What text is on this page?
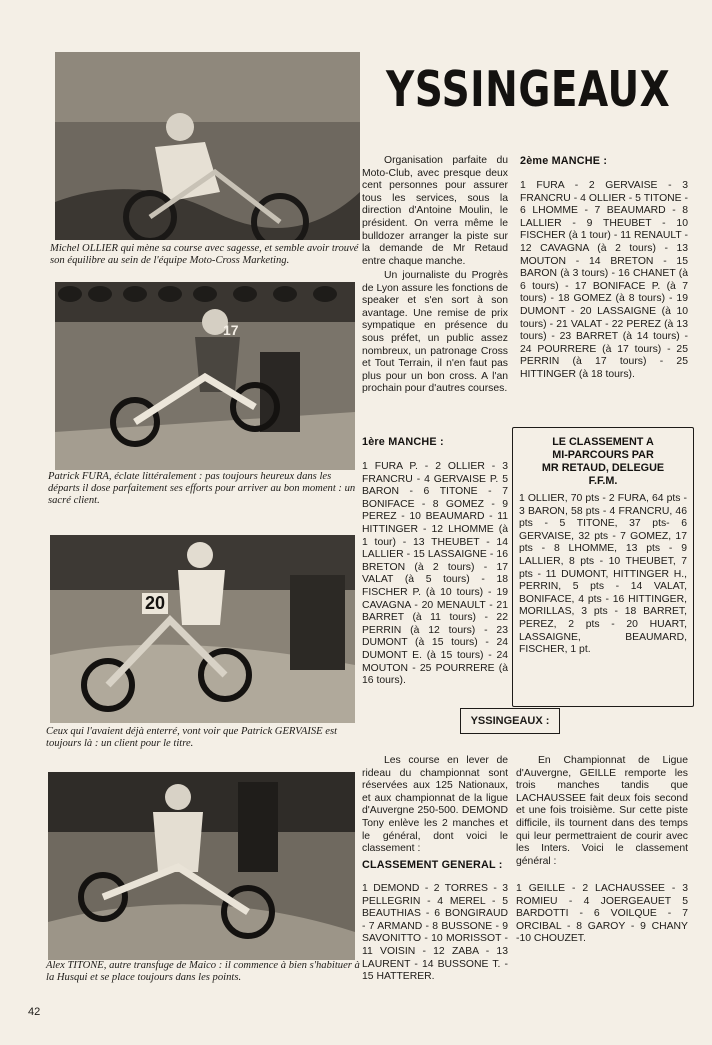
YSSINGEAUX
Michel OLLIER qui mène sa course avec sagesse, et semble avoir trouvé son équilibre au sein de l'équipe Moto-Cross Marketing.
17
Patrick FURA, éclate littéralement : pas toujours heureux dans les départs il dose parfaitement ses efforts pour arriver au bon moment : un sacré client.
20
Ceux qui l'avaient déjà enterré, vont voir que Patrick GERVAISE est toujours là : un client pour le titre.
Alex TITONE, autre transfuge de Maico : il commence à bien s'habituer à la Husqui et se place toujours dans les points.
Organisation parfaite du Moto-Club, avec presque deux cent personnes pour assurer tous les services, sous la direction d'Antoine Moulin, le président. On verra même le bulldozer arranger la piste sur la demande de Mr Retaud entre chaque manche.
Un journaliste du Progrès de Lyon assure les fonctions de speaker et s'en sort à son avantage. Une remise de prix sympatique en présence du sous préfet, un public assez nombreux, un patronage Cross et Tout Terrain, il n'en faut pas plus pour un bon cross. A l'an prochain pour d'autres courses.
1ère MANCHE :
1 FURA P. - 2 OLLIER - 3 FRANCRU - 4 GERVAISE P. 5 BARON - 6 TITONE - 7 BONIFACE - 8 GOMEZ - 9 PEREZ - 10 BEAUMARD - 11 HITTINGER - 12 LHOMME (à 1 tour) - 13 THEUBET - 14 LALLIER - 15 LASSAIGNE - 16 BRETON (à 2 tours) - 17 VALAT (à 5 tours) - 18 FISCHER P. (à 10 tours) - 19 CAVAGNA - 20 MENAULT - 21 BARRET (à 11 tours) - 22 PERRIN (à 12 tours) - 23 DUMONT (à 15 tours) - 24 DUMONT E. (à 15 tours) - 24 MOUTON - 25 POURRERE (à 16 tours).
2ème MANCHE :
1 FURA - 2 GERVAISE - 3 FRANCRU - 4 OLLIER - 5 TITONE - 6 LHOMME - 7 BEAUMARD - 8 LALLIER - 9 THEUBET - 10 FISCHER (à 1 tour) - 11 RENAULT - 12 CAVAGNA (à 2 tours) - 13 MOUTON - 14 BRETON - 15 BARON (à 3 tours) - 16 CHANET (à 6 tours) - 17 BONIFACE P. (à 7 tours) - 18 GOMEZ (à 8 tours) - 19 DUMONT - 20 LASSAIGNE (à 10 tours) - 21 VALAT - 22 PEREZ (à 13 tours) - 23 BARRET (à 14 tours) - 24 POURRERE (à 17 tours) - 25 PERRIN (à 17 tours) - 25 HITTINGER (à 18 tours).
LE CLASSEMENT A
MI-PARCOURS PAR
MR RETAUD, DELEGUE
F.F.M.
1 OLLIER, 70 pts - 2 FURA, 64 pts - 3 BARON, 58 pts - 4 FRANCRU, 46 pts - 5 TITONE, 37 pts- 6 GERVAISE, 32 pts - 7 GOMEZ, 17 pts - 8 LHOMME, 13 pts - 9 LALLIER, 8 pts - 10 THEUBET, 7 pts - 11 DUMONT, HITTINGER H., PERRIN, 5 pts - 14 VALAT, BONIFACE, 4 pts - 16 HITTINGER, MORILLAS, 3 pts - 18 BARRET, PEREZ, 2 pts - 20 HUART, LASSAIGNE, BEAUMARD, FISCHER, 1 pt.
YSSINGEAUX :
Les course en lever de rideau du championnat sont réservées aux 125 Nationaux, et aux championnat de la ligue d'Auvergne 250-500. DEMOND Tony enlève les 2 manches et le général, dont voici le classement :
CLASSEMENT GENERAL :
1 DEMOND - 2 TORRES - 3 PELLEGRIN - 4 MEREL - 5 BEAUTHIAS - 6 BONGIRAUD - 7 ARMAND - 8 BUSSONE - 9 SAVONITTO - 10 MORISSOT - 11 VOISIN - 12 ZABA - 13 LAURENT - 14 BUSSONE T. - 15 HATTERER.
En Championnat de Ligue d'Auvergne, GEILLE remporte les trois manches tandis que LACHAUSSEE fait deux fois second et une fois troisième. Sur cette piste difficile, ils tournent dans des temps qui leur permettraient de courir avec les Inters. Voici le classement général :
1 GEILLE - 2 LACHAUSSEE - 3 ROMIEU - 4 JOERGEAUET 5 BARDOTTI - 6 VOILQUE - 7 ORCIBAL - 8 GAROY - 9 CHANY -10 CHOUZET.
42
